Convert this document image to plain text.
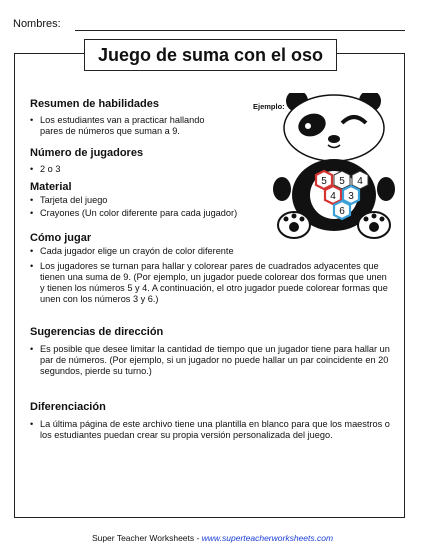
Nombres:
Juego de suma con el oso
Ejemplo:
5 5 4
4 3
6
Resumen de habilidades
• Los estudiantes van a practicar hallando pares de números que suman a 9.
Número de jugadores
• 2 o 3
Material
• Tarjeta del juego
• Crayones (Un color diferente para cada jugador)
Cómo jugar
• Cada jugador elige un crayón de color diferente
• Los jugadores se turnan para hallar y colorear pares de cuadrados adyacentes que tienen una suma de 9. (Por ejemplo, un jugador puede colorear dos formas que unen y tienen los números 5 y 4. A continuación, el otro jugador puede colorear formas que unen con los números 3 y 6.)
Sugerencias de dirección
• Es posible que desee limitar la cantidad de tiempo que un jugador tiene para hallar un par de números. (Por ejemplo, si un jugador no puede hallar un par coincidente en 20 segundos, pierde su turno.)
Diferenciación
• La última página de este archivo tiene una plantilla en blanco para que los maestros o los estudiantes puedan crear su propia versión personalizada del juego.
Super Teacher Worksheets - www.superteacherworksheets.com
